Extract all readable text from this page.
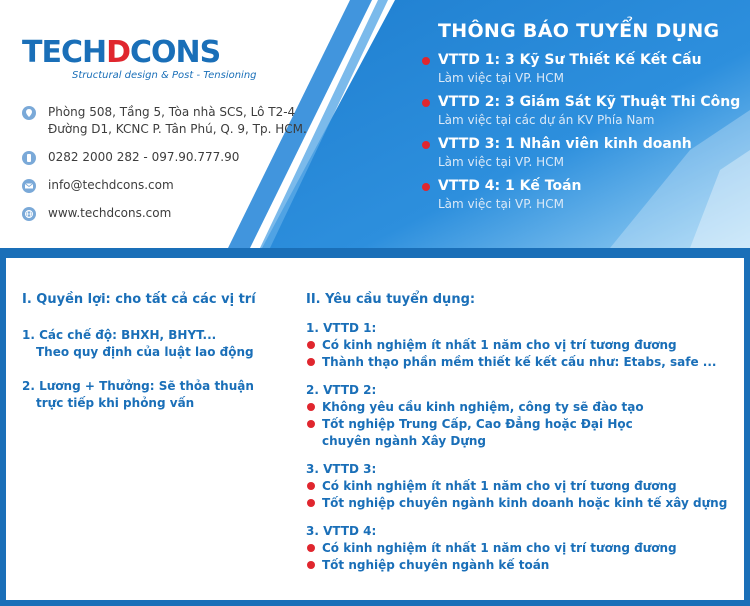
TECHDCONS
Structural design & Post - Tensioning
Phòng 508, Tầng 5, Tòa nhà SCS, Lô T2-4
Đường D1, KCNC P. Tân Phú, Q. 9, Tp. HCM.
0282 2000 282 - 097.90.777.90
info@techdcons.com
www.techdcons.com
THÔNG BÁO TUYỂN DỤNG
VTTD 1: 3 Kỹ Sư Thiết Kế Kết Cấu
Làm việc tại VP. HCM
VTTD 2: 3 Giám Sát Kỹ Thuật Thi Công
Làm việc tại các dự án KV Phía Nam
VTTD 3: 1 Nhân viên kinh doanh
Làm việc tại VP. HCM
VTTD 4: 1 Kế Toán
Làm việc tại VP. HCM
I. Quyền lợi: cho tất cả các vị trí
1. Các chế độ: BHXH, BHYT...
Theo quy định của luật lao động
2. Lương + Thưởng: Sẽ thỏa thuận
trực tiếp khi phỏng vấn
II. Yêu cầu tuyển dụng:
1. VTTD 1:
Có kinh nghiệm ít nhất 1 năm cho vị trí tương đương
Thành thạo phần mềm thiết kế kết cấu như: Etabs, safe ...
2. VTTD 2:
Không yêu cầu kinh nghiệm, công ty sẽ đào tạo
Tốt nghiệp Trung Cấp, Cao Đẳng hoặc Đại Học
chuyên ngành Xây Dựng
3. VTTD 3:
Có kinh nghiệm ít nhất 1 năm cho vị trí tương đương
Tốt nghiệp chuyên ngành kinh doanh hoặc kinh tế xây dựng
3. VTTD 4:
Có kinh nghiệm ít nhất 1 năm cho vị trí tương đương
Tốt nghiệp chuyên ngành kế toán
